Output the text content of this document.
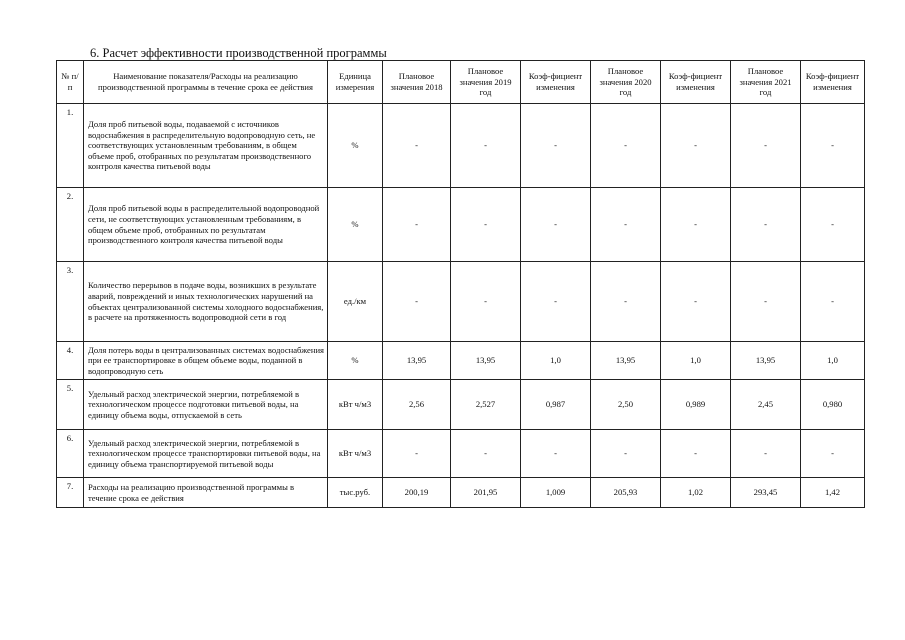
6. Расчет эффективности производственной программы
№ п/п	Наименование показателя/Расходы на реализацию производственной программы в течение срока ее действия	Единица измерения	Плановое значения 2018	Плановое значения 2019 год	Коэф-фициент изменения	Плановое значения 2020 год	Коэф-фициент изменения	Плановое значения 2021 год	Коэф-фициент изменения
1.	Доля проб питьевой воды, подаваемой с источников водоснабжения в распределительную водопроводную сеть, не соответствующих установленным требованиям, в общем объеме проб, отобранных по результатам производственного контроля качества питьевой воды	%	-	-	-	-	-	-	-
2.	Доля проб питьевой воды в распределительной водопроводной сети, не соответствующих установленным требованиям, в общем объеме проб, отобранных по результатам производственного контроля качества питьевой воды	%	-	-	-	-	-	-	-
3.	Количество перерывов в подаче воды, возникших в результате аварий, повреждений и иных технологических нарушений на объектах централизованной системы холодного водоснабжения, в расчете на протяженность водопроводной сети в год	ед./км	-	-	-	-	-	-	-
4.	Доля потерь воды в централизованных системах водоснабжения при ее транспортировке в общем объеме воды, поданной в водопроводную сеть	%	13,95	13,95	1,0	13,95	1,0	13,95	1,0
5.	Удельный расход электрической энергии, потребляемой в технологическом процессе подготовки питьевой воды, на единицу объема воды, отпускаемой в сеть	кВт ч/м3	2,56	2,527	0,987	2,50	0,989	2,45	0,980
6.	Удельный расход электрической энергии, потребляемой в технологическом процессе транспортировки питьевой воды, на единицу объема транспортируемой питьевой воды	кВт ч/м3	-	-	-	-	-	-	-
7.	Расходы на реализацию производственной программы в течение срока ее действия	тыс.руб.	200,19	201,95	1,009	205,93	1,02	293,45	1,42
